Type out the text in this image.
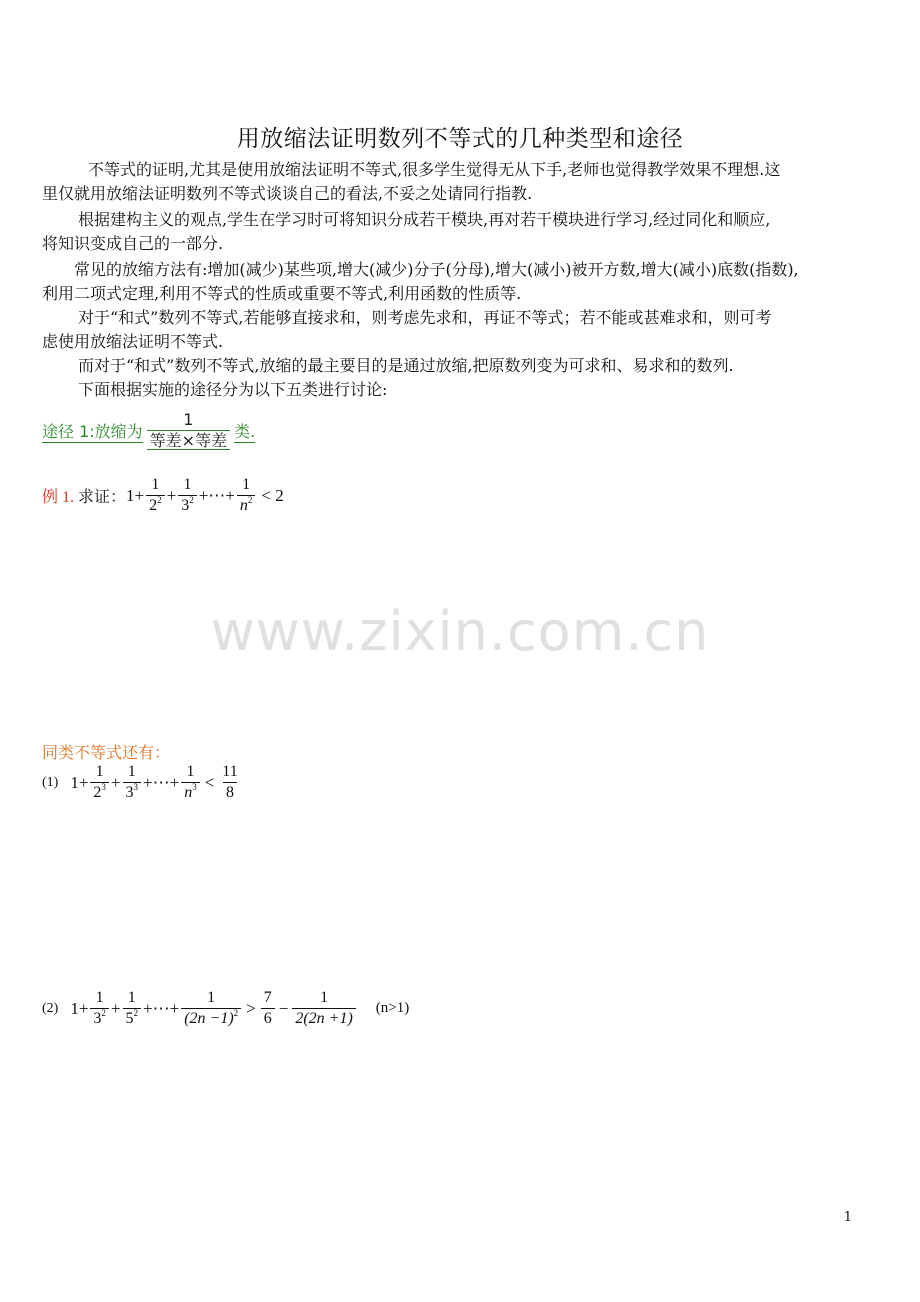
用放缩法证明数列不等式的几种类型和途径
不等式的证明,尤其是使用放缩法证明不等式,很多学生觉得无从下手,老师也觉得教学效果不理想.这
里仅就用放缩法证明数列不等式谈谈自己的看法,不妥之处请同行指教.
根据建构主义的观点,学生在学习时可将知识分成若干模块,再对若干模块进行学习,经过同化和顺应,
将知识变成自己的一部分.
常见的放缩方法有:增加(减少)某些项,增大(减少)分子(分母),增大(减小)被开方数,增大(减小)底数(指数),
利用二项式定理,利用不等式的性质或重要不等式,利用函数的性质等.
对于“和式”数列不等式,若能够直接求和，则考虑先求和，再证不等式；若不能或甚难求和，则可考
虑使用放缩法证明不等式.
而对于“和式”数列不等式,放缩的最主要目的是通过放缩,把原数列变为可求和、易求和的数列.
下面根据实施的途径分为以下五类进行讨论:
途径 1:放缩为 $\frac{1}{\text{等差×等差}}$ 类.
例 1. 求证： $1+ \frac{1}{2^2} + \frac{1}{3^2}$ +⋯+ $\frac{1}{n^2} < 2$
www.zixin.com.cn
同类不等式还有：
(1) $1+ \frac{1}{2^3} + \frac{1}{3^3}$ +⋯+ $\frac{1}{n^3} < \frac{11}{8}$
(2) $1+ \frac{1}{3^2} + \frac{1}{5^2}$ +⋯+ $\frac{1}{(2n -1)^2} > \frac{7}{6} - \frac{1}{2(2n +1)} (n>1)$
1
